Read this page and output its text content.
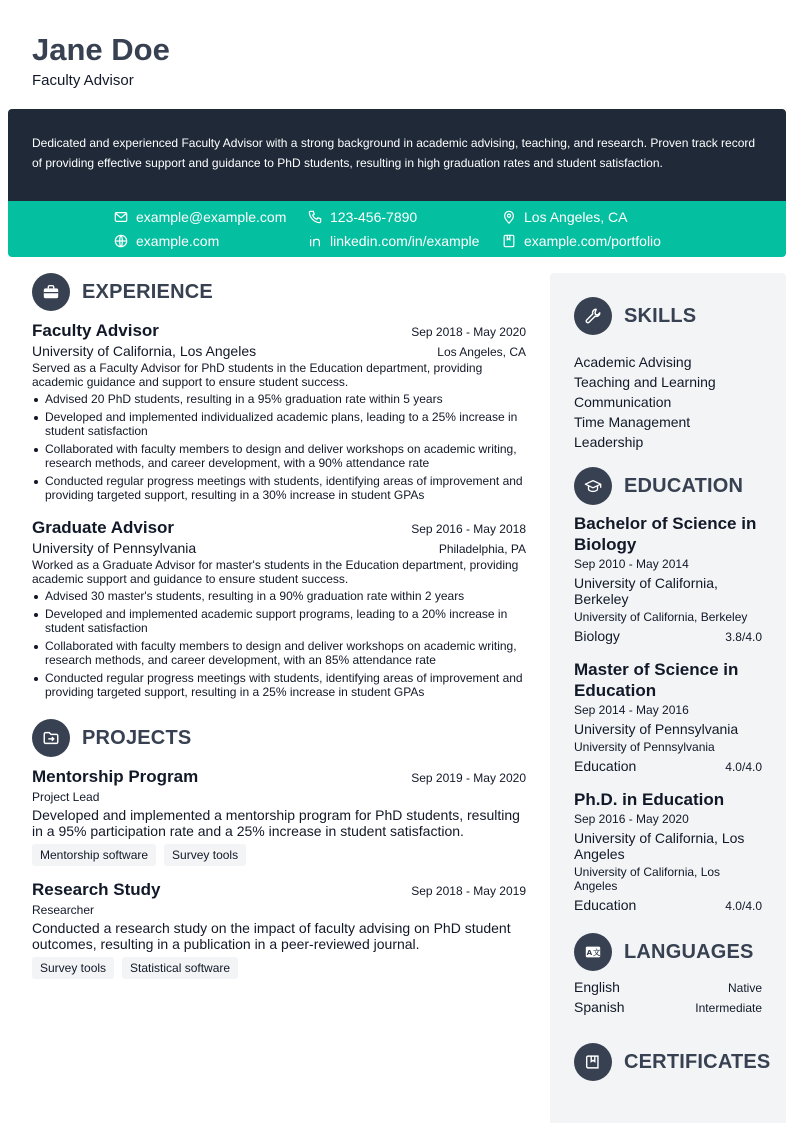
Jane Doe
Faculty Advisor
Dedicated and experienced Faculty Advisor with a strong background in academic advising, teaching, and research. Proven track record of providing effective support and guidance to PhD students, resulting in high graduation rates and student satisfaction.
example@example.com	123-456-7890	Los Angeles, CA
example.com	linkedin.com/in/example	example.com/portfolio
EXPERIENCE
Faculty Advisor	Sep 2018 - May 2020
University of California, Los Angeles	Los Angeles, CA
Served as a Faculty Advisor for PhD students in the Education department, providing academic guidance and support to ensure student success.
Advised 20 PhD students, resulting in a 95% graduation rate within 5 years
Developed and implemented individualized academic plans, leading to a 25% increase in student satisfaction
Collaborated with faculty members to design and deliver workshops on academic writing, research methods, and career development, with a 90% attendance rate
Conducted regular progress meetings with students, identifying areas of improvement and providing targeted support, resulting in a 30% increase in student GPAs
Graduate Advisor	Sep 2016 - May 2018
University of Pennsylvania	Philadelphia, PA
Worked as a Graduate Advisor for master's students in the Education department, providing academic support and guidance to ensure student success.
Advised 30 master's students, resulting in a 90% graduation rate within 2 years
Developed and implemented academic support programs, leading to a 20% increase in student satisfaction
Collaborated with faculty members to design and deliver workshops on academic writing, research methods, and career development, with an 85% attendance rate
Conducted regular progress meetings with students, identifying areas of improvement and providing targeted support, resulting in a 25% increase in student GPAs
PROJECTS
Mentorship Program	Sep 2019 - May 2020
Project Lead
Developed and implemented a mentorship program for PhD students, resulting in a 95% participation rate and a 25% increase in student satisfaction.
Mentorship software	Survey tools
Research Study	Sep 2018 - May 2019
Researcher
Conducted a research study on the impact of faculty advising on PhD student outcomes, resulting in a publication in a peer-reviewed journal.
Survey tools	Statistical software
SKILLS
Academic Advising
Teaching and Learning
Communication
Time Management
Leadership
EDUCATION
Bachelor of Science in Biology
Sep 2010 - May 2014
University of California, Berkeley
University of California, Berkeley
Biology	3.8/4.0
Master of Science in Education
Sep 2014 - May 2016
University of Pennsylvania
University of Pennsylvania
Education	4.0/4.0
Ph.D. in Education
Sep 2016 - May 2020
University of California, Los Angeles
University of California, Los Angeles
Education	4.0/4.0
A 文 LANGUAGES
English	Native
Spanish	Intermediate
CERTIFICATES
